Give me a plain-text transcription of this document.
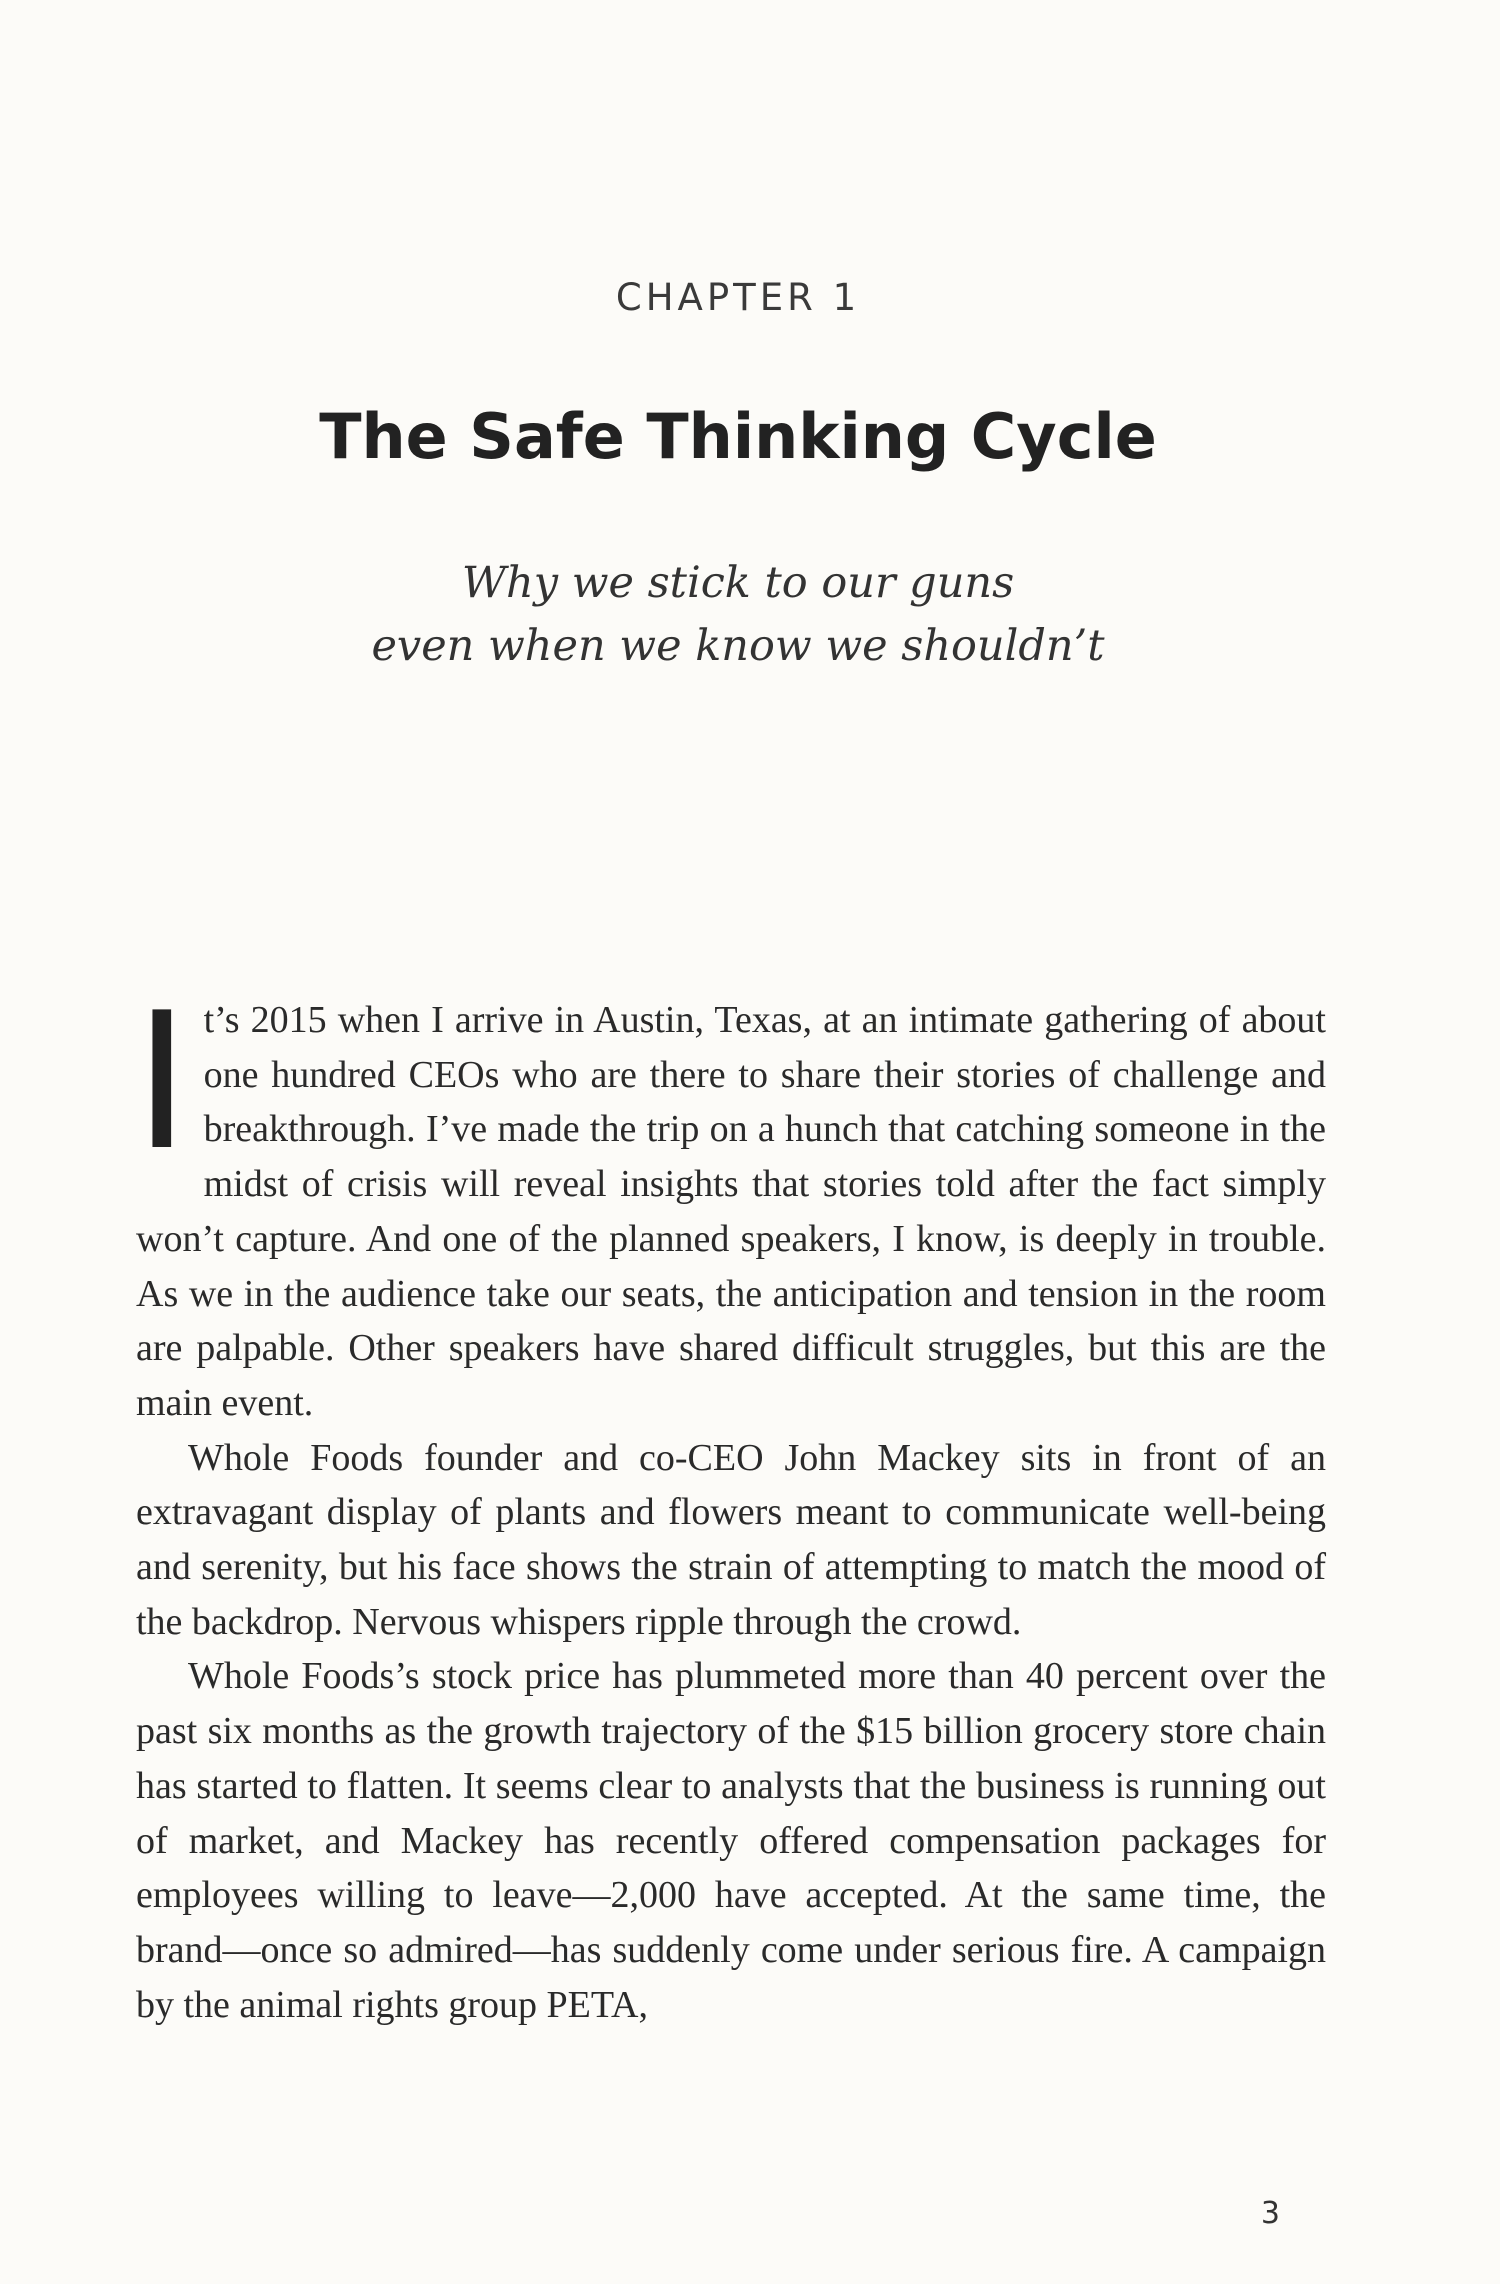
CHAPTER 1
The Safe Thinking Cycle
Why we stick to our guns
even when we know we shouldn’t

It’s 2015 when I arrive in Austin, Texas, at an intimate gathering of about one hundred CEOs who are there to share their stories of challenge and breakthrough. I’ve made the trip on a hunch that catching someone in the midst of crisis will reveal insights that stories told after the fact simply won’t capture. And one of the planned speakers, I know, is deeply in trouble. As we in the audience take our seats, the anticipation and tension in the room are palpable. Other speakers have shared difficult struggles, but this are the main event.

Whole Foods founder and co-CEO John Mackey sits in front of an extravagant display of plants and flowers meant to communicate well-being and serenity, but his face shows the strain of attempting to match the mood of the backdrop. Nervous whispers ripple through the crowd.

Whole Foods’s stock price has plummeted more than 40 percent over the past six months as the growth trajectory of the $15 billion grocery store chain has started to flatten. It seems clear to analysts that the business is running out of market, and Mackey has recently offered compensation packages for employees willing to leave—2,000 have accepted. At the same time, the brand—once so admired—has suddenly come under serious fire. A campaign by the animal rights group PETA,

3
